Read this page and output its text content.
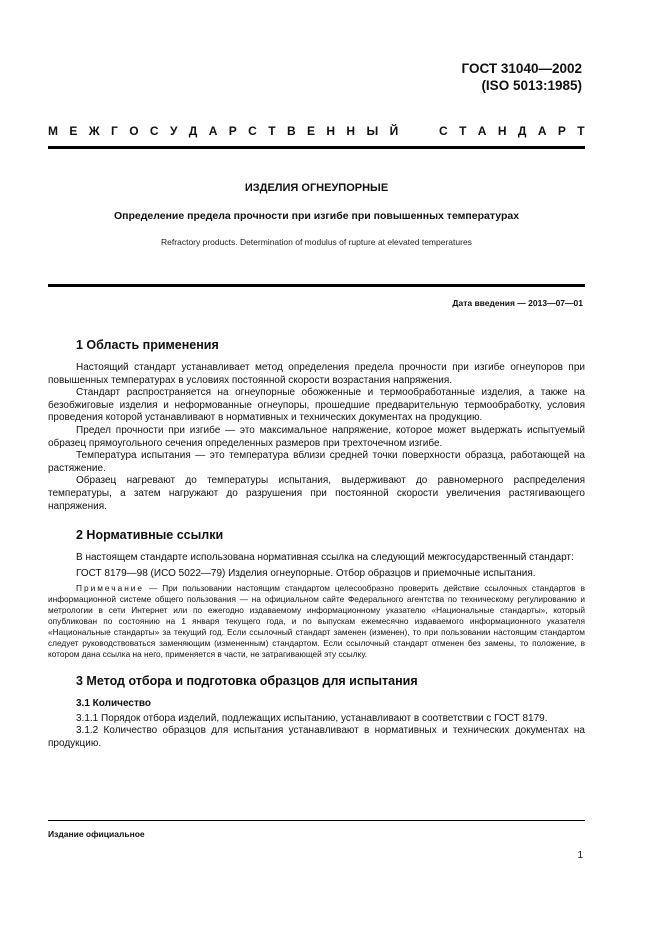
ГОСТ 31040—2002
(ISO 5013:1985)
М Е Ж Г О С У Д А Р С Т В Е Н Н Ы Й

	С Т А Н Д А Р Т
ИЗДЕЛИЯ ОГНЕУПОРНЫЕ
Определение предела прочности при изгибе при повышенных температурах
Refractory products. Determination of modulus of rupture at elevated temperatures
Дата введения — 2013—07—01
1 Область применения

Настоящий стандарт устанавливает метод определения предела прочности при изгибе огнеупоров при повышенных температурах в условиях постоянной скорости возрастания напряжения.

Стандарт распространяется на огнеупорные обожженные и термообработанные изделия, а также на безобжиговые изделия и неформованные огнеупоры, прошедшие предварительную термообработку, условия проведения которой устанавливают в нормативных и технических документах на продукцию.

Предел прочности при изгибе — это максимальное напряжение, которое может выдержать испытуемый образец прямоугольного сечения определенных размеров при трехточечном изгибе.

Температура испытания — это температура вблизи средней точки поверхности образца, работающей на растяжение.

Образец нагревают до температуры испытания, выдерживают до равномерного распределения температуры, а затем нагружают до разрушения при постоянной скорости увеличения растягивающего напряжения.

2 Нормативные ссылки

В настоящем стандарте использована нормативная ссылка на следующий межгосударственный стандарт:

ГОСТ 8179—98 (ИСО 5022—79) Изделия огнеупорные. Отбор образцов и приемочные испытания.

Примечание — При пользовании настоящим стандартом целесообразно проверить действие ссылочных стандартов в информационной системе общего пользования — на официальном сайте Федерального агентства по техническому регулированию и метрологии в сети Интернет или по ежегодно издаваемому информационному указателю «Национальные стандарты», который опубликован по состоянию на 1 января текущего года, и по выпускам ежемесячно издаваемого информационного указателя «Национальные стандарты» за текущий год. Если ссылочный стандарт заменен (изменен), то при пользовании настоящим стандартом следует руководствоваться заменяющим (измененным) стандартом. Если ссылочный стандарт отменен без замены, то положение, в котором дана ссылка на него, применяется в части, не затрагивающей эту ссылку.

3 Метод отбора и подготовка образцов для испытания
3.1 Количество

3.1.1 Порядок отбора изделий, подлежащих испытанию, устанавливают в соответствии с ГОСТ 8179.

3.1.2 Количество образцов для испытания устанавливают в нормативных и технических документах на продукцию.

Издание официальное
1
